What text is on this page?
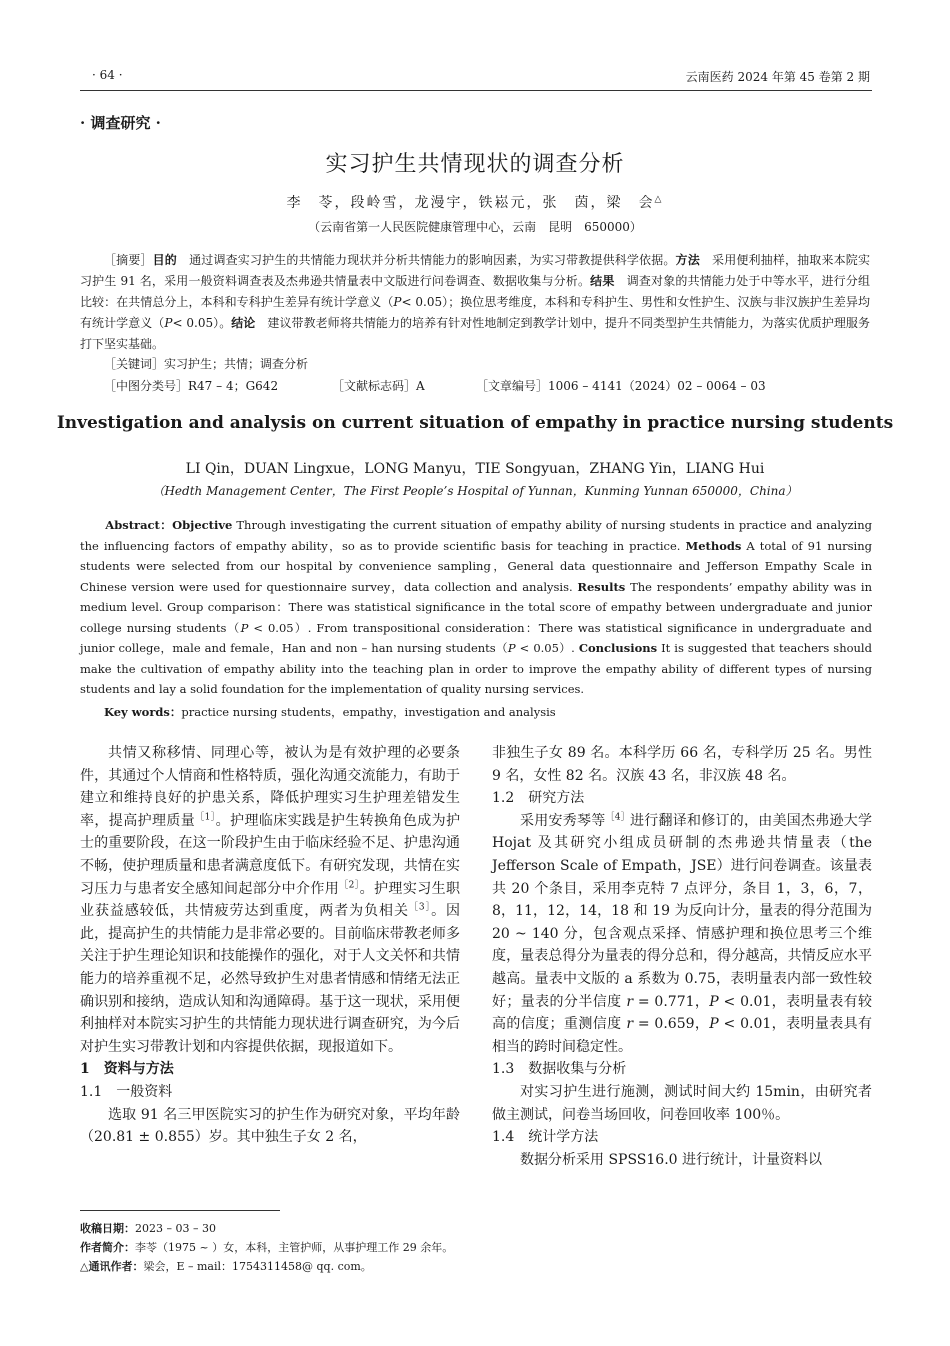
· 64 ·	云南医药 2024 年第 45 卷第 2 期
· 调查研究 ·
实习护生共情现状的调查分析
李　苓，段岭雪，龙漫宇，铁崧元，张　茵，梁　会△
（云南省第一人民医院健康管理中心，云南　昆明　650000）
［摘要］目的　 通过调查实习护生的共情能力现状并分析共情能力的影响因素，为实习带教提供科学依据。方法　 采用便利抽样，抽取来本院实习护生 91 名，采用一般资料调查表及杰弗逊共情量表中文版进行问卷调查、数据收集与分析。结果　 调查对象的共情能力处于中等水平，进行分组比较：在共情总分上，本科和专科护生差异有统计学意义（P< 0.05）；换位思考维度，本科和专科护生、男性和女性护生、汉族与非汉族护生差异均有统计学意义（P< 0.05）。结论　 建议带教老师将共情能力的培养有针对性地制定到教学计划中，提升不同类型护生共情能力，为落实优质护理服务打下坚实基础。
［关键词］实习护生；共情；调查分析
［中图分类号］R47 – 4；G642	［文献标志码］A	［文章编号］1006 – 4141（2024）02 – 0064 – 03
Investigation and analysis on current situation of empathy in practice nursing students
LI Qin，DUAN Lingxue，LONG Manyu，TIE Songyuan，ZHANG Yin，LIANG Hui
（Hedth Management Center，The First People’s Hospital of Yunnan，Kunming Yunnan 650000，China）
Abstract：Objective Through investigating the current situation of empathy ability of nursing students in practice and analyzing the influencing factors of empathy ability，so as to provide scientific basis for teaching in practice. Methods A total of 91 nursing students were selected from our hospital by convenience sampling，General data questionnaire and Jefferson Empathy Scale in Chinese version were used for questionnaire survey，data collection and analysis. Results The respondents’ empathy ability was in medium level. Group comparison：There was statistical significance in the total score of empathy between undergraduate and junior college nursing students（P < 0.05）. From transpositional consideration：There was statistical significance in undergraduate and junior college，male and female，Han and non – han nursing students（P < 0.05）. Conclusions It is suggested that teachers should make the cultivation of empathy ability into the teaching plan in order to improve the empathy ability of different types of nursing students and lay a solid foundation for the implementation of quality nursing services.
Key words：practice nursing students，empathy，investigation and analysis

共情又称移情、同理心等，被认为是有效护理的必要条件，其通过个人情商和性格特质，强化沟通交流能力，有助于建立和维持良好的护患关系，降低护理实习生护理差错发生率，提高护理质量$^{[1]}$。护理临床实践是护生转换角色成为护士的重要阶段，在这一阶段护生由于临床经验不足、护患沟通不畅，使护理质量和患者满意度低下。有研究发现，共情在实习压力与患者安全感知间起部分中介作用$^{[2]}$。护理实习生职业获益感较低，共情疲劳达到重度，两者为负相关$^{[3]}$。因此，提高护生的共情能力是非常必要的。目前临床带教老师多关注于护生理论知识和技能操作的强化，对于人文关怀和共情能力的培养重视不足，必然导致护生对患者情感和情绪无法正确识别和接纳，造成认知和沟通障碍。基于这一现状，采用便利抽样对本院实习护生的共情能力现状进行调查研究，为今后对护生实习带教计划和内容提供依据，现报道如下。

1　资料与方法

1.1　一般资料

选取 91 名三甲医院实习的护生作为研究对象，平均年龄（20.81 ± 0.855）岁。其中独生子女 2 名，

非独生子女 89 名。本科学历 66 名，专科学历 25 名。男性 9 名，女性 82 名。汉族 43 名，非汉族 48 名。

1.2　研究方法

采用安秀琴等$^{[4]}$进行翻译和修订的，由美国杰弗逊大学 Hojat 及其研究小组成员研制的杰弗逊共情量表（the Jefferson Scale of Empath，JSE）进行问卷调查。该量表共 20 个条目，采用李克特 7 点评分，条目 1，3，6，7，8，11，12，14，18 和 19 为反向计分，量表的得分范围为 20 ~ 140 分，包含观点采择、情感护理和换位思考三个维度，量表总得分为量表的得分总和，得分越高，共情反应水平越高。量表中文版的 a 系数为 0.75，表明量表内部一致性较好；量表的分半信度 r = 0.771，P < 0.01，表明量表有较高的信度；重测信度 r = 0.659，P < 0.01，表明量表具有相当的跨时间稳定性。

1.3　数据收集与分析

对实习护生进行施测，测试时间大约 15min，由研究者做主测试，问卷当场回收，问卷回收率 100％。

1.4　统计学方法

数据分析采用 SPSS16.0 进行统计，计量资料以

收稿日期：2023 – 03 – 30
作者简介：李苓（1975 ~ ）女，本科，主管护师，从事护理工作 29 余年。
△通讯作者：梁会，E – mail：1754311458@ qq. com。
